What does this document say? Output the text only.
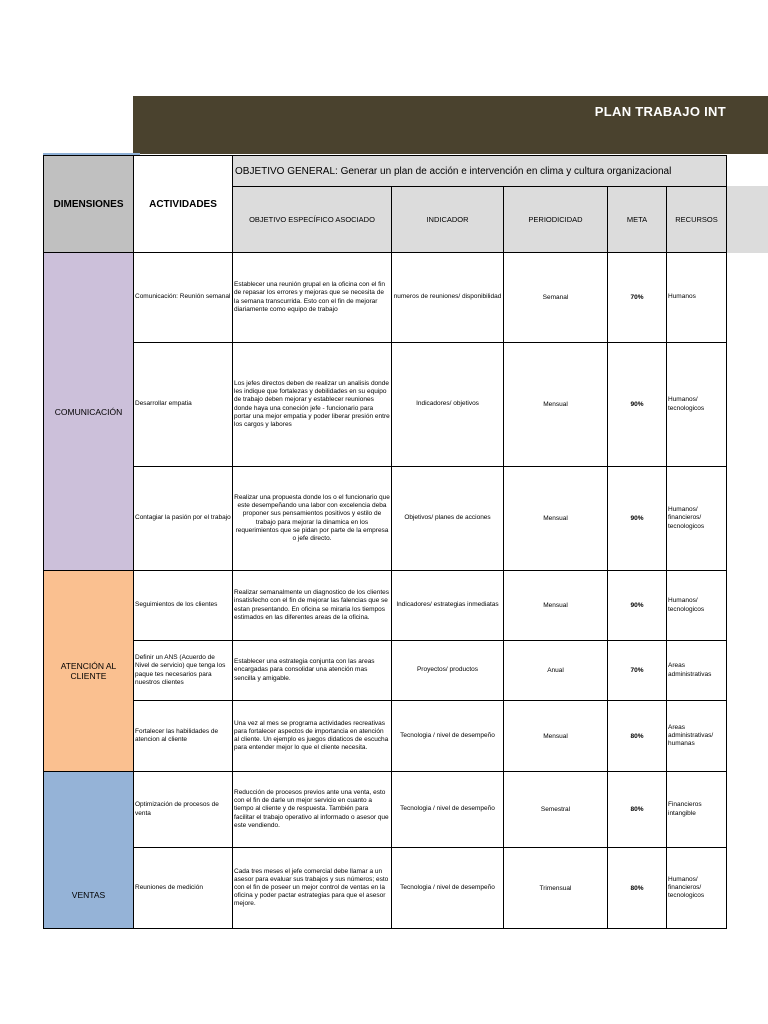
PLAN TRABAJO INT
DIMENSIONES	ACTIVIDADES	OBJETIVO GENERAL: Generar un plan de acción e intervención en clima y cultura organizacional				
		OBJETIVO ESPECÍFICO ASOCIADO	INDICADOR	PERIODICIDAD	META	RECURSOS
COMUNICACIÓN	Comunicación: Reunión semanal	Establecer una reunión grupal en la oficina con el fin de repasar los errores y mejoras que se necesita de la semana transcurrida. Esto con el fin de mejorar diariamente como equipo de trabajo	numeros de reuniones/ disponibilidad	Semanal	70%	Humanos
	Desarrollar empatia	Los jefes directos deben de realizar un analisis donde les indique que fortalezas y debilidades en su equipo de trabajo deben mejorar y establecer reuniones donde haya una coneción jefe - funcionario para portar una mejor empatia y poder liberar presión entre los cargos y labores	Indicadores/ objetivos	Mensual	90%	Humanos/ tecnologicos
	Contagiar la pasión por el trabajo	Realizar una propuesta donde los o el funcionario que este desempeñando una labor con excelencia deba proponer sus pensamientos positivos y estilo de trabajo para mejorar la dinamica en los requerimientos que se pidan por parte de la empresa o jefe directo.	Objetivos/ planes de acciones	Mensual	90%	Humanos/ financieros/ tecnologicos
ATENCIÓN AL CLIENTE	Seguimientos de los clientes	Realizar semanalmente un diagnostico de los clientes insatisfecho con el fin de mejorar las falencias que se estan presentando. En oficina se miraria los tiempos estimados en las diferentes areas de la oficina.	Indicadores/ estrategias inmediatas	Mensual	90%	Humanos/ tecnologicos
	Definir un ANS (Acuerdo de Nivel de servicio) que tenga los paque tes necesarios para nuestros clientes	Establecer una estrategia conjunta con las areas encargadas para consolidar una atención mas sencilla y amigable.	Proyectos/ productos	Anual	70%	Areas administrativas
	Fortalecer las habilidades de atencion al cliente	Una vez al mes se programa actividades recreativas para fortalecer aspectos de importancia en atención al cliente. Un ejemplo es juegos didaticos de escucha para entender mejor lo que el cliente necesita.	Tecnologia / nivel de desempeño	Mensual	80%	Areas administrativas/ humanas
VENTAS	Optimización de procesos de venta	Reducción de procesos previos ante una venta, esto con el fin de darle un mejor servicio en cuanto a tiempo al cliente y de respuesta. También para facilitar el trabajo operativo al informado o asesor que este vendiendo.	Tecnologia / nivel de desempeño	Semestral	80%	Financieros intangible
	Reuniones de medición	Cada tres meses el jefe comercial debe llamar a un asesor para evaluar sus trabajos y sus números; esto con el fin de poseer un mejor control de ventas en la oficina y poder pactar estrategias para que el asesor mejore.	Tecnologia / nivel de desempeño	Trimensual	80%	Humanos/ financieros/ tecnologicos
